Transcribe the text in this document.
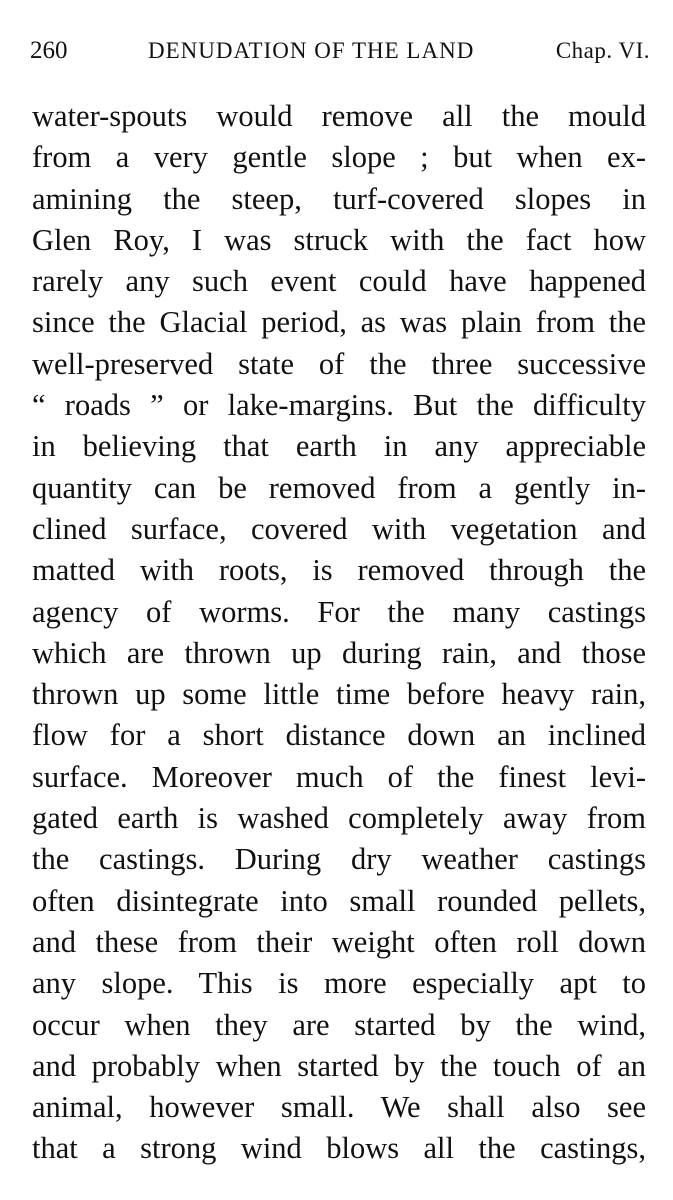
260	DENUDATION OF THE LAND	Chap. VI.
water-spouts would remove all the mould
from a very gentle slope ; but when ex-
amining the steep, turf-covered slopes in
Glen Roy, I was struck with the fact how
rarely any such event could have happened
since the Glacial period, as was plain from the
well-preserved state of the three successive
“ roads ” or lake-margins. But the difficulty
in believing that earth in any appreciable
quantity can be removed from a gently in-
clined surface, covered with vegetation and
matted with roots, is removed through the
agency of worms. For the many castings
which are thrown up during rain, and those
thrown up some little time before heavy rain,
flow for a short distance down an inclined
surface. Moreover much of the finest levi-
gated earth is washed completely away from
the castings. During dry weather castings
often disintegrate into small rounded pellets,
and these from their weight often roll down
any slope. This is more especially apt to
occur when they are started by the wind,
and probably when started by the touch of an
animal, however small. We shall also see
that a strong wind blows all the castings,
